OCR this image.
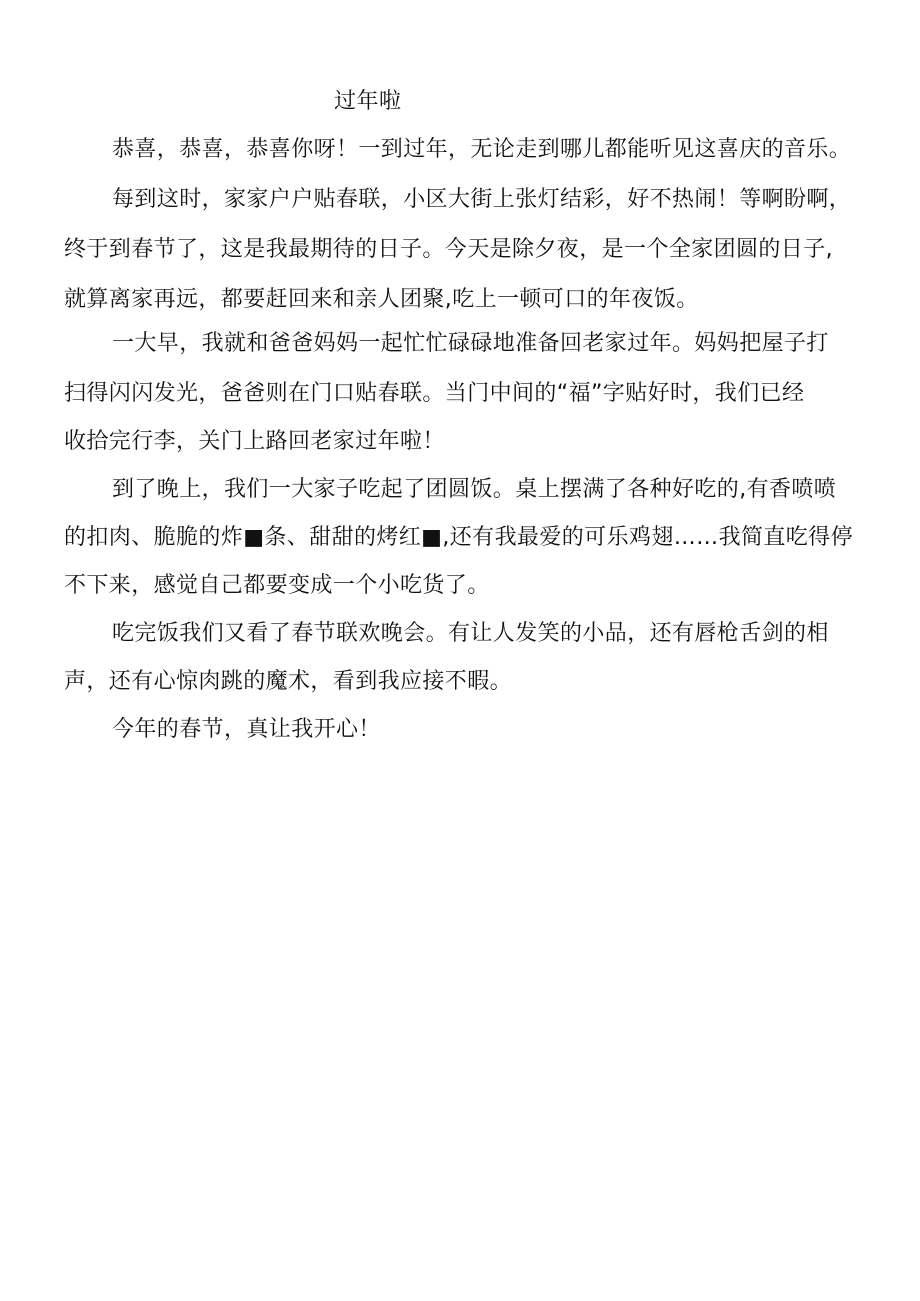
过年啦
恭喜，恭喜，恭喜你呀！一到过年，无论走到哪儿都能听见这喜庆的音乐。
每到这时，家家户户贴春联，小区大街上张灯结彩，好不热闹！等啊盼啊，
终于到春节了，这是我最期待的日子。今天是除夕夜，是一个全家团圆的日子,
就算离家再远，都要赶回来和亲人团聚,吃上一顿可口的年夜饭。
一大早，我就和爸爸妈妈一起忙忙碌碌地准备回老家过年。妈妈把屋子打
扫得闪闪发光，爸爸则在门口贴春联。当门中间的“福”字贴好时，我们已经
收拾完行李，关门上路回老家过年啦！
到了晚上，我们一大家子吃起了团圆饭。桌上摆满了各种好吃的,有香喷喷
的扣肉、脆脆的炸■条、甜甜的烤红■,还有我最爱的可乐鸡翅……我简直吃得停
不下来，感觉自己都要变成一个小吃货了。
吃完饭我们又看了春节联欢晚会。有让人发笑的小品，还有唇枪舌剑的相
声，还有心惊肉跳的魔术，看到我应接不暇。
今年的春节，真让我开心！
